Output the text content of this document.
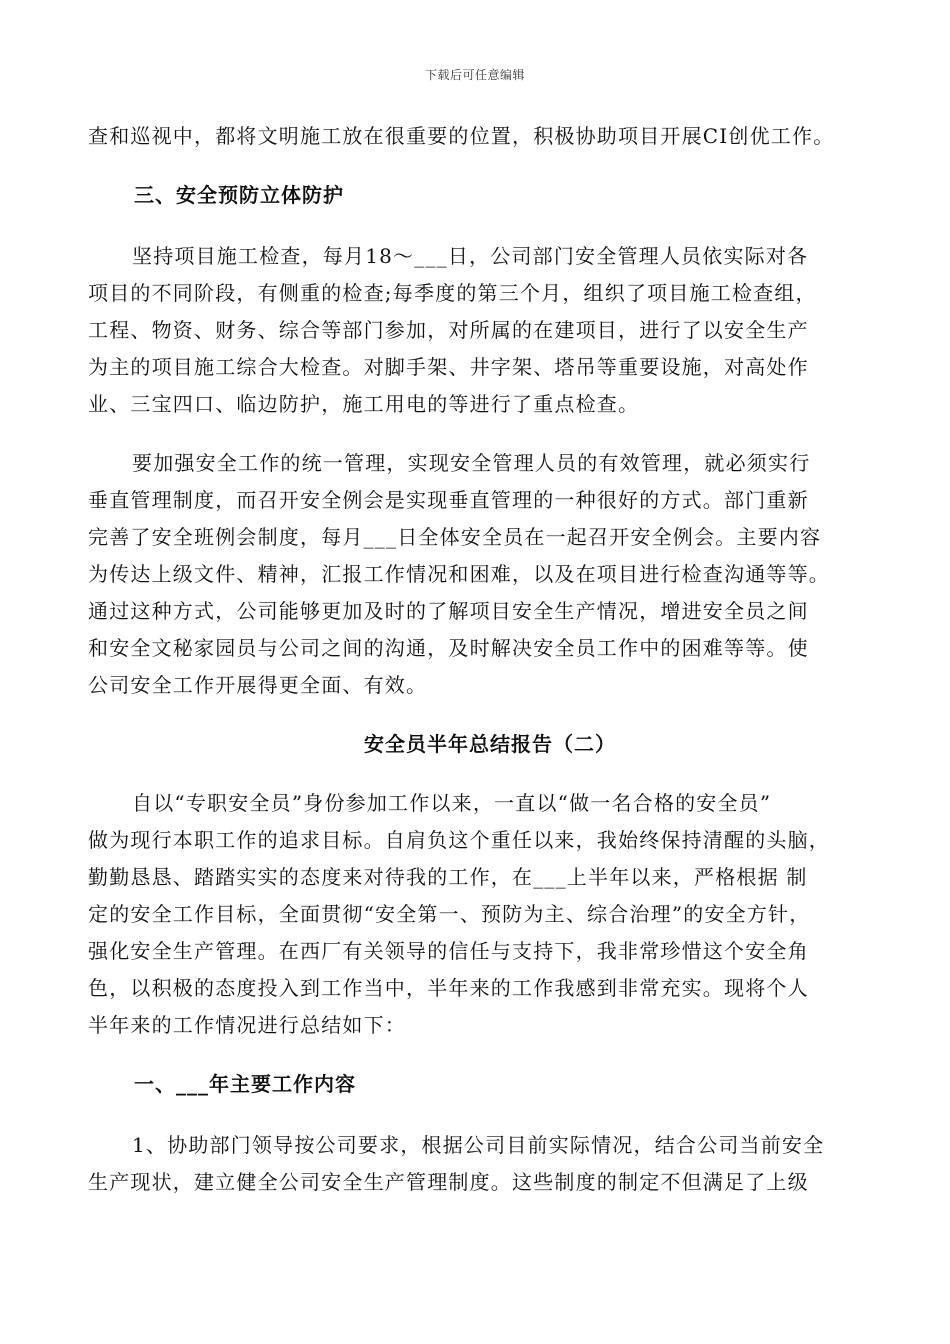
下载后可任意编辑
查和巡视中，都将文明施工放在很重要的位置，积极协助项目开展CI创优工作。
三、安全预防立体防护
坚持项目施工检查，每月18～___日，公司部门安全管理人员依实际对各
项目的不同阶段，有侧重的检查;每季度的第三个月，组织了项目施工检查组，
工程、物资、财务、综合等部门参加，对所属的在建项目，进行了以安全生产
为主的项目施工综合大检查。对脚手架、井字架、塔吊等重要设施，对高处作
业、三宝四口、临边防护，施工用电的等进行了重点检查。
要加强安全工作的统一管理，实现安全管理人员的有效管理，就必须实行
垂直管理制度，而召开安全例会是实现垂直管理的一种很好的方式。部门重新
完善了安全班例会制度，每月___日全体安全员在一起召开安全例会。主要内容
为传达上级文件、精神，汇报工作情况和困难，以及在项目进行检查沟通等等。
通过这种方式，公司能够更加及时的了解项目安全生产情况，增进安全员之间
和安全文秘家园员与公司之间的沟通，及时解决安全员工作中的困难等等。使
公司安全工作开展得更全面、有效。
安全员半年总结报告（二）
自以“专职安全员”身份参加工作以来，一直以“做一名合格的安全员”
做为现行本职工作的追求目标。自肩负这个重任以来，我始终保持清醒的头脑，
勤勤恳恳、踏踏实实的态度来对待我的工作，在___上半年以来，严格根据 制
定的安全工作目标，全面贯彻“安全第一、预防为主、综合治理”的安全方针，
强化安全生产管理。在西厂有关领导的信任与支持下，我非常珍惜这个安全角
色，以积极的态度投入到工作当中，半年来的工作我感到非常充实。现将个人
半年来的工作情况进行总结如下：
一、___年主要工作内容
1、协助部门领导按公司要求，根据公司目前实际情况，结合公司当前安全
生产现状，建立健全公司安全生产管理制度。这些制度的制定不但满足了上级
